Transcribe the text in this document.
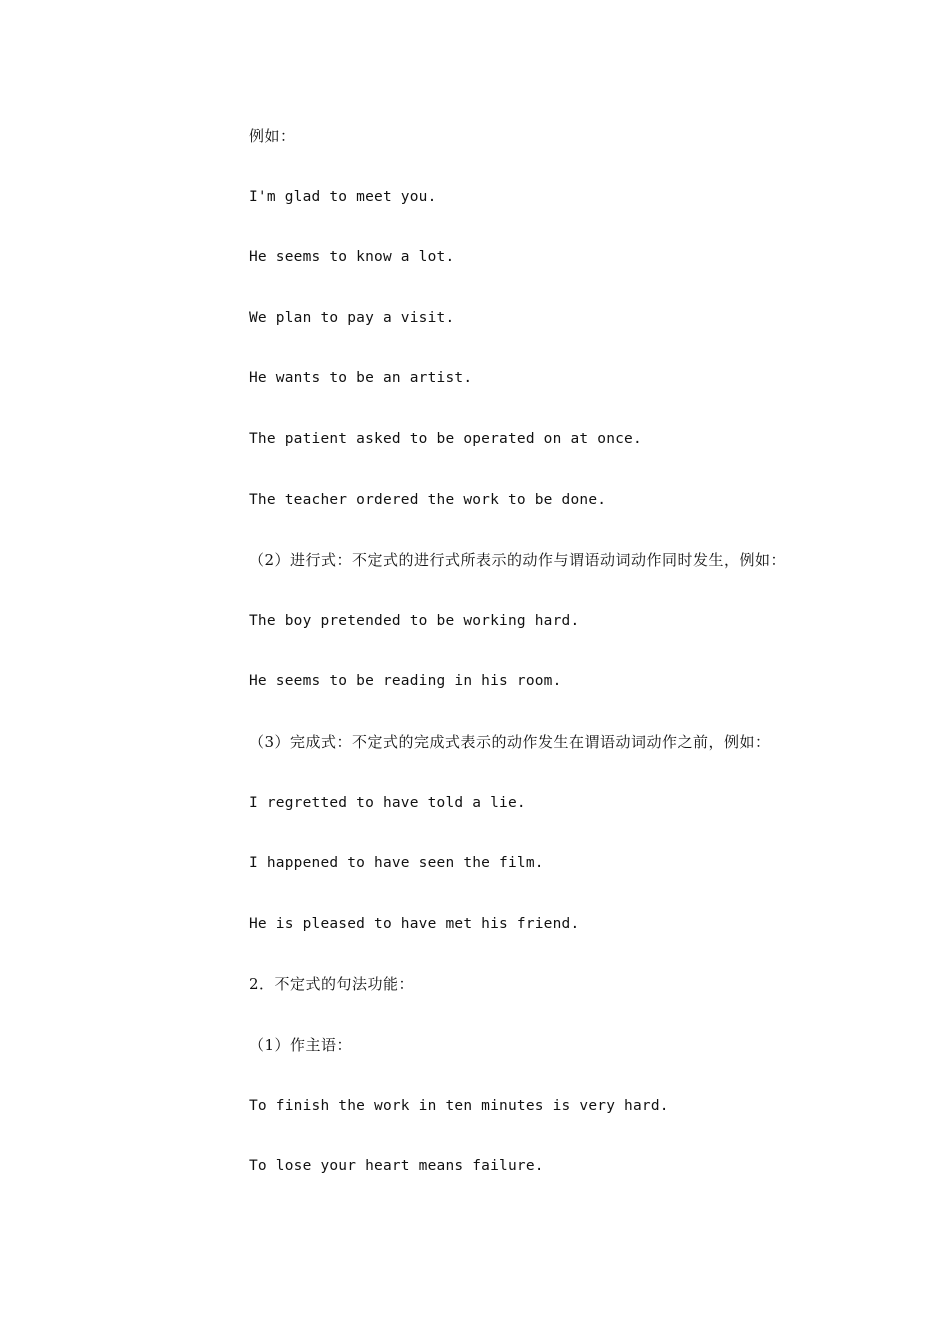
例如：
I'm glad to meet you.
He seems to know a lot.
We plan to pay a visit.
He wants to be an artist.
The patient asked to be operated on at once.
The teacher ordered the work to be done.
（2）进行式：不定式的进行式所表示的动作与谓语动词动作同时发生，例如：
The boy pretended to be working hard.
He seems to be reading in his room.
（3）完成式：不定式的完成式表示的动作发生在谓语动词动作之前，例如：
I regretted to have told a lie.
I happened to have seen the film.
He is pleased to have met his friend.
2．不定式的句法功能：
（1）作主语：
To finish the work in ten minutes is very hard.
To lose your heart means failure.
